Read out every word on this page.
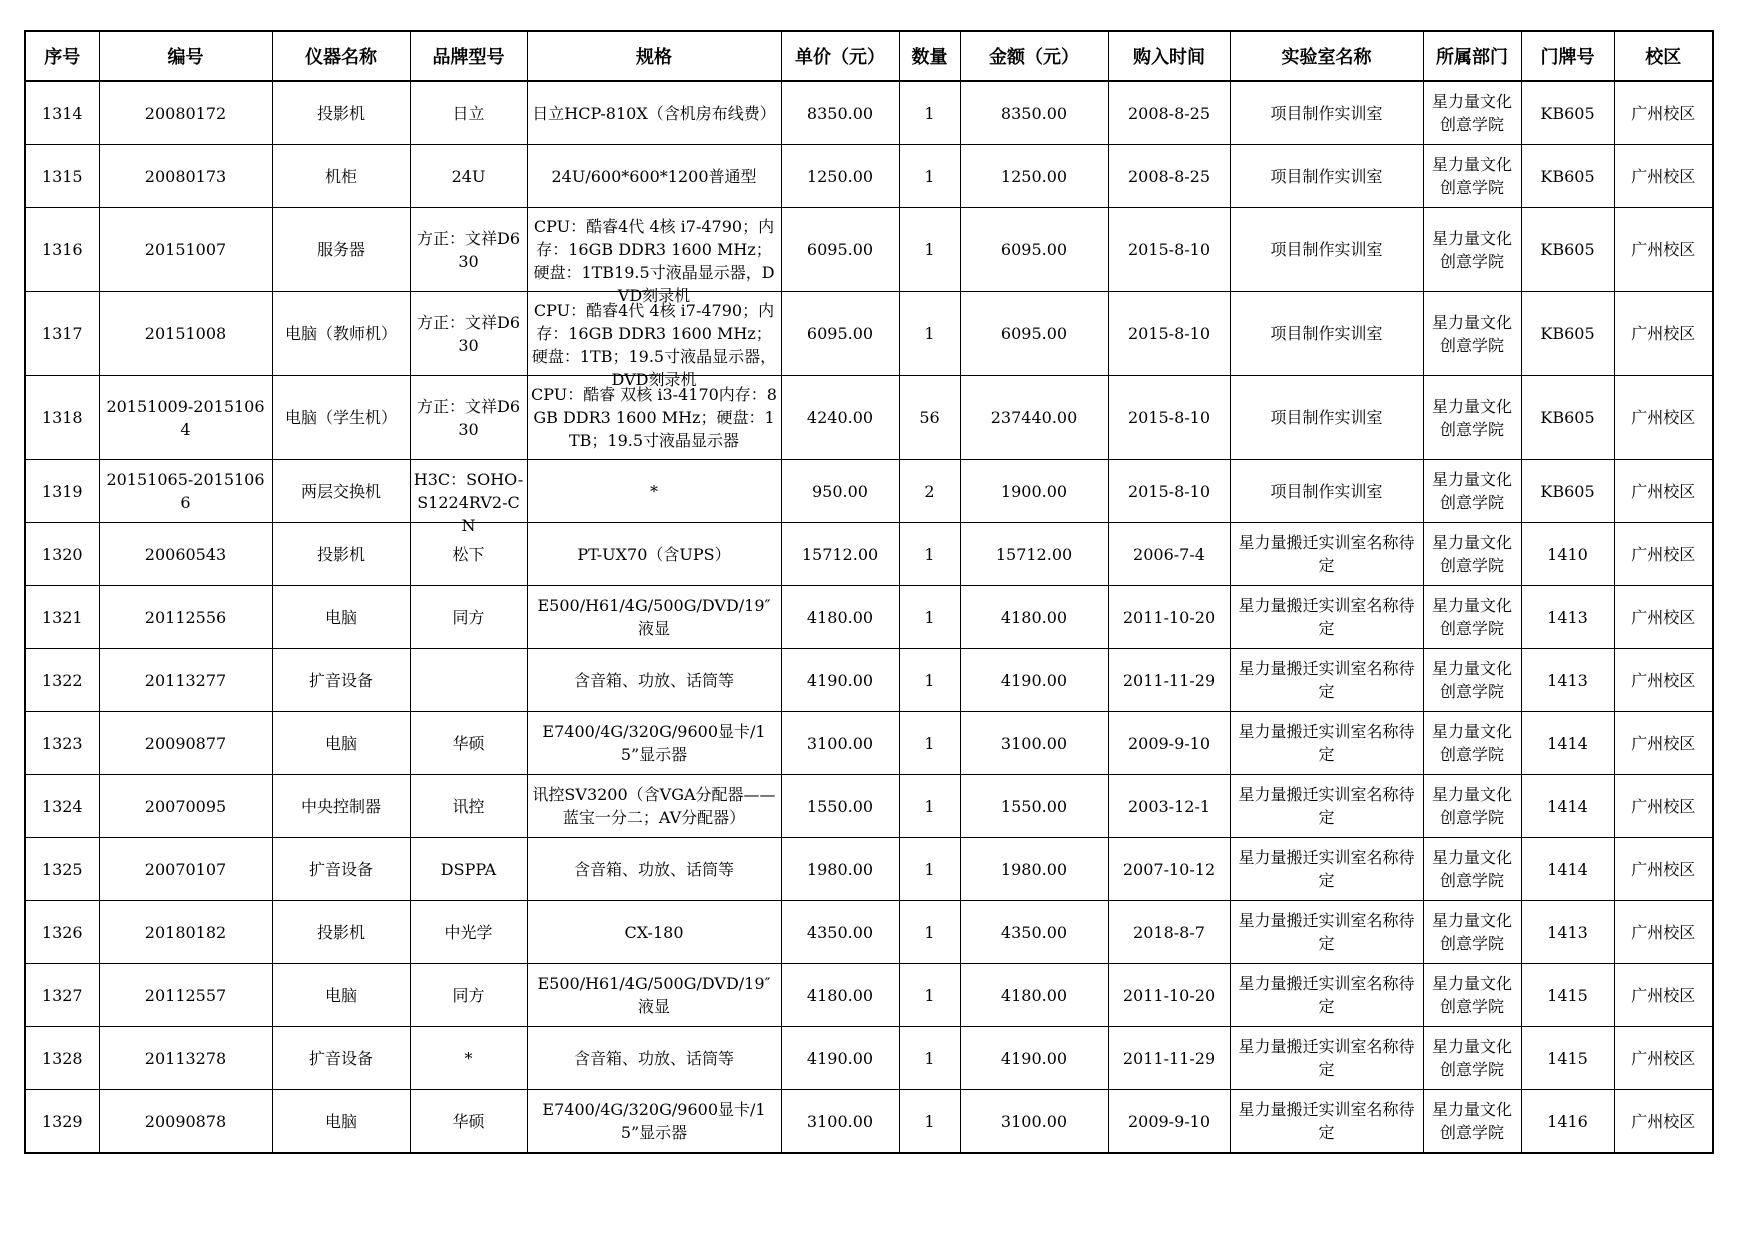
序号	编号	仪器名称	品牌型号	规格	单价（元）	数量	金额（元）	购入时间	实验室名称	所属部门	门牌号	校区

1314	20080172	投影机	日立	日立HCP-810X（含机房布线费）	8350.00	1	8350.00	2008-8-25	项目制作实训室	星力量文化创意学院	KB605	广州校区

1315	20080173	机柜	24U	24U/600*600*1200普通型	1250.00	1	1250.00	2008-8-25	项目制作实训室	星力量文化创意学院	KB605	广州校区

1316	20151007	服务器	方正：文祥D630	CPU：酷睿4代 4核 i7-4790；内存：16GB DDR3 1600 MHz；硬盘：1TB19.5寸液晶显示器，DVD刻录机	6095.00	1	6095.00	2015-8-10	项目制作实训室	星力量文化创意学院	KB605	广州校区

1317	20151008	电脑（教师机）	方正：文祥D630	CPU：酷睿4代 4核 i7-4790；内存：16GB DDR3 1600 MHz；硬盘：1TB；19.5寸液晶显示器，DVD刻录机	6095.00	1	6095.00	2015-8-10	项目制作实训室	星力量文化创意学院	KB605	广州校区

1318	20151009-20151064	电脑（学生机）	方正：文祥D630	CPU：酷睿 双核 i3-4170内存：8GB DDR3 1600 MHz；硬盘：1TB；19.5寸液晶显示器	4240.00	56	237440.00	2015-8-10	项目制作实训室	星力量文化创意学院	KB605	广州校区

1319	20151065-20151066	两层交换机	H3C：SOHO-S1224RV2-CN	*	950.00	2	1900.00	2015-8-10	项目制作实训室	星力量文化创意学院	KB605	广州校区

1320	20060543	投影机	松下	PT-UX70（含UPS）	15712.00	1	15712.00	2006-7-4	星力量搬迁实训室名称待定	星力量文化创意学院	1410	广州校区

1321	20112556	电脑	同方	E500/H61/4G/500G/DVD/19″液显	4180.00	1	4180.00	2011-10-20	星力量搬迁实训室名称待定	星力量文化创意学院	1413	广州校区

1322	20113277	扩音设备		含音箱、功放、话筒等	4190.00	1	4190.00	2011-11-29	星力量搬迁实训室名称待定	星力量文化创意学院	1413	广州校区

1323	20090877	电脑	华硕	E7400/4G/320G/9600显卡/15”显示器	3100.00	1	3100.00	2009-9-10	星力量搬迁实训室名称待定	星力量文化创意学院	1414	广州校区

1324	20070095	中央控制器	讯控	讯控SV3200（含VGA分配器——蓝宝一分二；AV分配器）	1550.00	1	1550.00	2003-12-1	星力量搬迁实训室名称待定	星力量文化创意学院	1414	广州校区

1325	20070107	扩音设备	DSPPA	含音箱、功放、话筒等	1980.00	1	1980.00	2007-10-12	星力量搬迁实训室名称待定	星力量文化创意学院	1414	广州校区

1326	20180182	投影机	中光学	CX-180	4350.00	1	4350.00	2018-8-7	星力量搬迁实训室名称待定	星力量文化创意学院	1413	广州校区

1327	20112557	电脑	同方	E500/H61/4G/500G/DVD/19″液显	4180.00	1	4180.00	2011-10-20	星力量搬迁实训室名称待定	星力量文化创意学院	1415	广州校区

1328	20113278	扩音设备	*	含音箱、功放、话筒等	4190.00	1	4190.00	2011-11-29	星力量搬迁实训室名称待定	星力量文化创意学院	1415	广州校区

1329	20090878	电脑	华硕	E7400/4G/320G/9600显卡/15”显示器	3100.00	1	3100.00	2009-9-10	星力量搬迁实训室名称待定	星力量文化创意学院	1416	广州校区
